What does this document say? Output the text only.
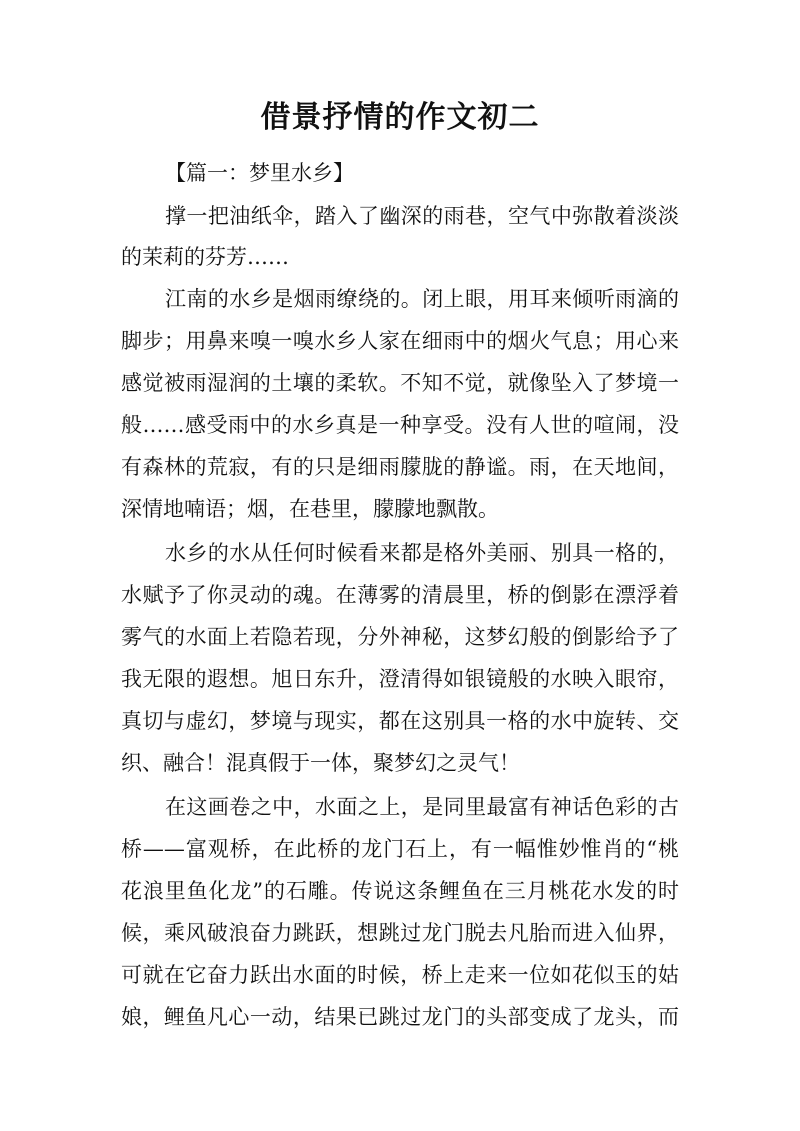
借景抒情的作文初二
【篇一：梦里水乡】
撑一把油纸伞，踏入了幽深的雨巷，空气中弥散着淡淡
的茉莉的芬芳……
江南的水乡是烟雨缭绕的。闭上眼，用耳来倾听雨滴的
脚步；用鼻来嗅一嗅水乡人家在细雨中的烟火气息；用心来
感觉被雨湿润的土壤的柔软。不知不觉，就像坠入了梦境一
般……感受雨中的水乡真是一种享受。没有人世的喧闹，没
有森林的荒寂，有的只是细雨朦胧的静谧。雨，在天地间，
深情地喃语；烟，在巷里，朦朦地飘散。
水乡的水从任何时候看来都是格外美丽、别具一格的，
水赋予了你灵动的魂。在薄雾的清晨里，桥的倒影在漂浮着
雾气的水面上若隐若现，分外神秘，这梦幻般的倒影给予了
我无限的遐想。旭日东升，澄清得如银镜般的水映入眼帘，
真切与虚幻，梦境与现实，都在这别具一格的水中旋转、交
织、融合！混真假于一体，聚梦幻之灵气！
在这画卷之中，水面之上，是同里最富有神话色彩的古
桥——富观桥，在此桥的龙门石上，有一幅惟妙惟肖的“桃
花浪里鱼化龙”的石雕。传说这条鲤鱼在三月桃花水发的时
候，乘风破浪奋力跳跃，想跳过龙门脱去凡胎而进入仙界，
可就在它奋力跃出水面的时候，桥上走来一位如花似玉的姑
娘，鲤鱼凡心一动，结果已跳过龙门的头部变成了龙头，而
